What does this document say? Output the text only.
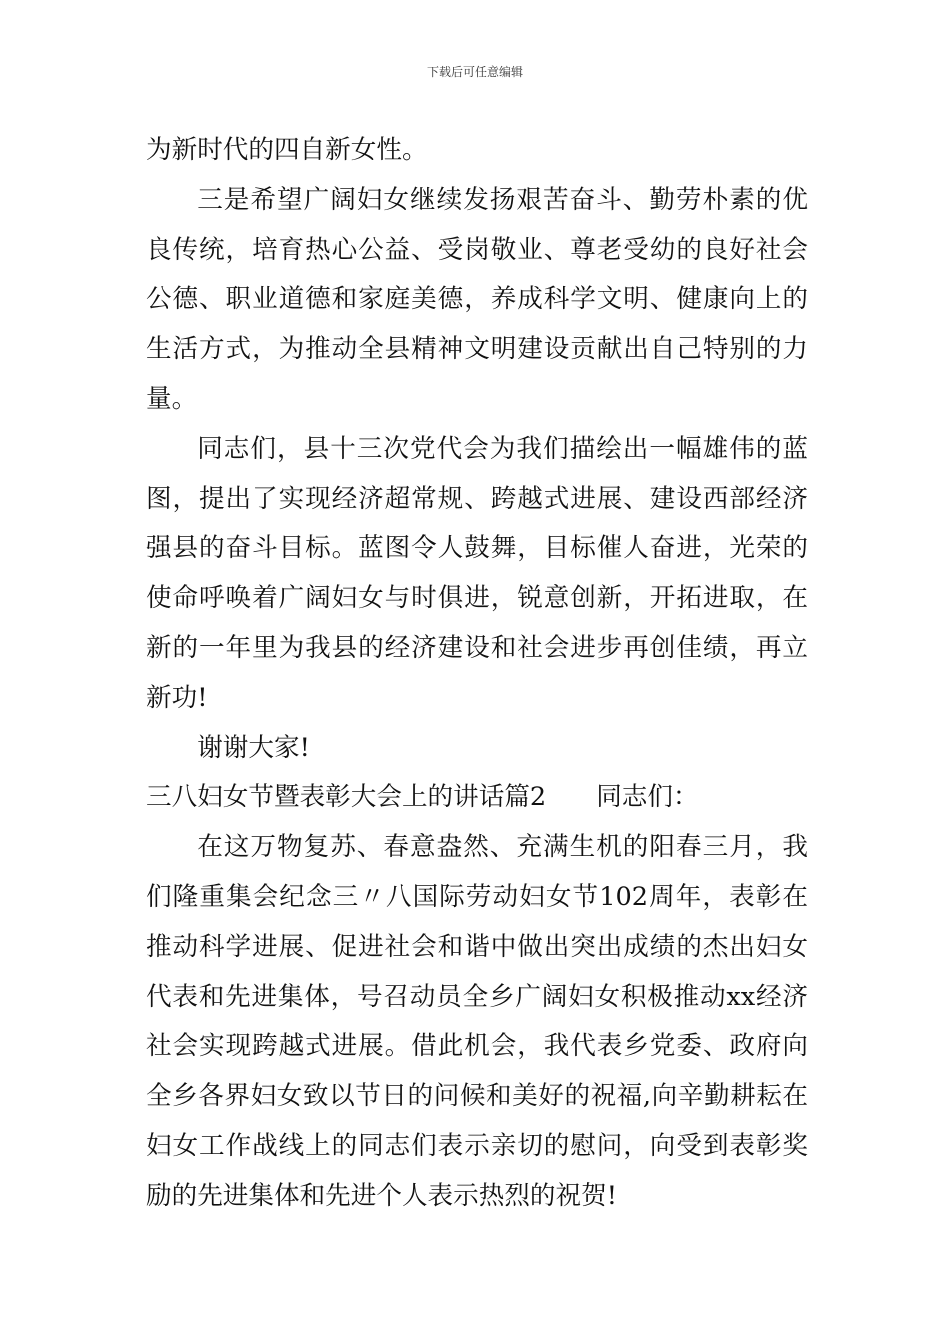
下载后可任意编辑

为新时代的四自新女性。

三是希望广阔妇女继续发扬艰苦奋斗、勤劳朴素的优良传统，培育热心公益、受岗敬业、尊老受幼的良好社会公德、职业道德和家庭美德，养成科学文明、健康向上的生活方式，为推动全县精神文明建设贡献出自己特别的力量。

同志们，县十三次党代会为我们描绘出一幅雄伟的蓝图，提出了实现经济超常规、跨越式进展、建设西部经济强县的奋斗目标。蓝图令人鼓舞，目标催人奋进，光荣的使命呼唤着广阔妇女与时俱进，锐意创新，开拓进取，在新的一年里为我县的经济建设和社会进步再创佳绩，再立新功!

谢谢大家!

三八妇女节暨表彰大会上的讲话篇2 同志们：

在这万物复苏、春意盎然、充满生机的阳春三月，我们隆重集会纪念三〃八国际劳动妇女节102周年，表彰在推动科学进展、促进社会和谐中做出突出成绩的杰出妇女代表和先进集体，号召动员全乡广阔妇女积极推动xx经济社会实现跨越式进展。借此机会，我代表乡党委、政府向全乡各界妇女致以节日的问候和美好的祝福,向辛勤耕耘在妇女工作战线上的同志们表示亲切的慰问，向受到表彰奖励的先进集体和先进个人表示热烈的祝贺!
